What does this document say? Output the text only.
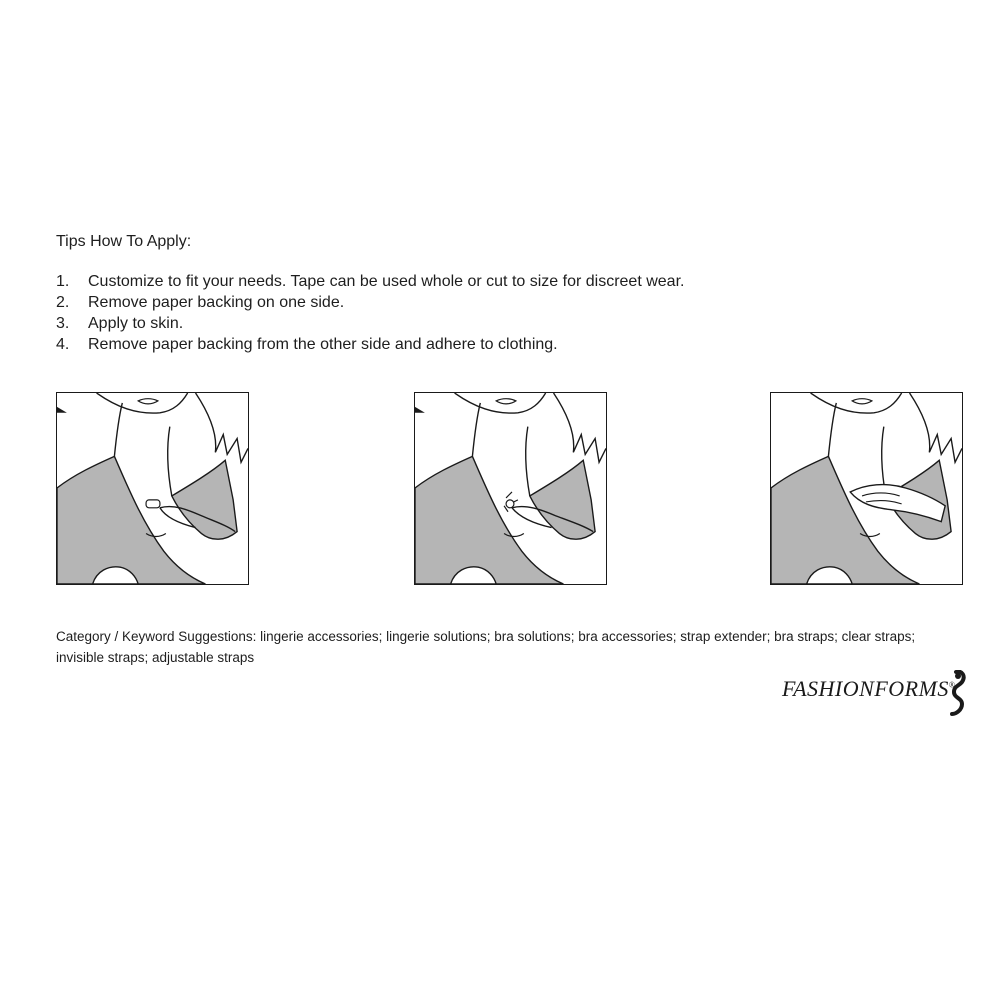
Tips How To Apply:
1.	Customize to fit your needs. Tape can be used whole or cut to size for discreet wear.
2.	Remove paper backing on one side.
3.	Apply to skin.
4.	Remove paper backing from the other side and adhere to clothing.
Category / Keyword Suggestions: lingerie accessories; lingerie solutions; bra solutions; bra accessories; strap extender; bra straps; clear straps; invisible straps; adjustable straps
FASHIONFORMS®
